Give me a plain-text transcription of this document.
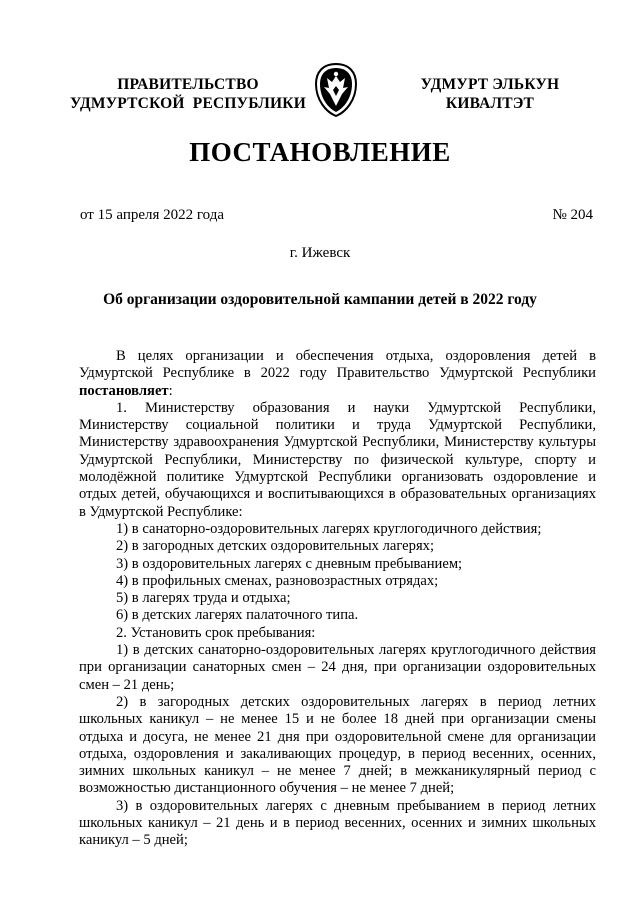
ПРАВИТЕЛЬСТВО
УДМУРТСКОЙ  РЕСПУБЛИКИ
УДМУРТ ЭЛЬКУН
КИВАЛТЭТ
ПОСТАНОВЛЕНИЕ
от 15 апреля 2022 года	№ 204
г. Ижевск
Об организации оздоровительной кампании детей в 2022 году

В целях организации и обеспечения отдыха, оздоровления детей в Удмуртской Республике в 2022 году Правительство Удмуртской Республики постановляет:

1. Министерству образования и науки Удмуртской Республики, Министерству социальной политики и труда Удмуртской Республики, Министерству здравоохранения Удмуртской Республики, Министерству культуры Удмуртской Республики, Министерству по физической культуре, спорту и молодёжной политике Удмуртской Республики организовать оздоровление и отдых детей, обучающихся и воспитывающихся в образовательных организациях в Удмуртской Республике:

1) в санаторно-оздоровительных лагерях круглогодичного действия;

2) в загородных детских оздоровительных лагерях;

3) в оздоровительных лагерях с дневным пребыванием;

4) в профильных сменах, разновозрастных отрядах;

5) в лагерях труда и отдыха;

6) в детских лагерях палаточного типа.

2. Установить срок пребывания:

1) в детских санаторно-оздоровительных лагерях круглогодичного действия при организации санаторных смен – 24 дня, при организации оздоровительных смен – 21 день;

2) в загородных детских оздоровительных лагерях в период летних школьных каникул – не менее 15 и не более 18 дней при организации смены отдыха и досуга, не менее 21 дня при оздоровительной смене для организации отдыха, оздоровления и закаливающих процедур, в период весенних, осенних, зимних школьных каникул – не менее 7 дней; в межканикулярный период с возможностью дистанционного обучения – не менее 7 дней;

3) в оздоровительных лагерях с дневным пребыванием в период летних школьных каникул – 21 день и в период весенних, осенних и зимних школьных каникул – 5 дней;
